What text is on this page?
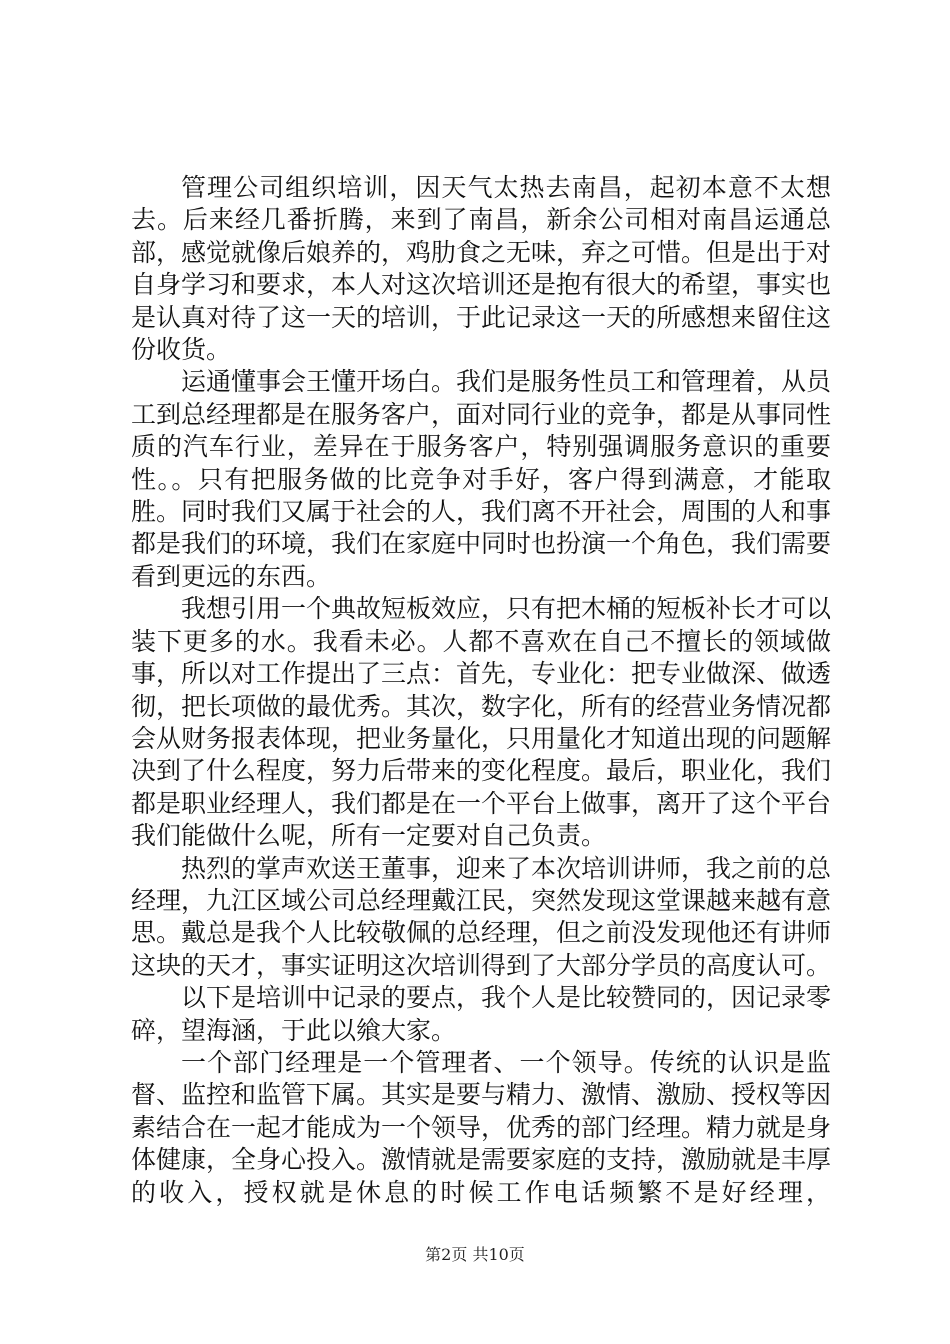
管理公司组织培训，因天气太热去南昌，起初本意不太想去。后来经几番折腾，来到了南昌，新余公司相对南昌运通总部，感觉就像后娘养的，鸡肋食之无味，弃之可惜。但是出于对自身学习和要求，本人对这次培训还是抱有很大的希望，事实也是认真对待了这一天的培训，于此记录这一天的所感想来留住这份收货。

运通懂事会王懂开场白。我们是服务性员工和管理着，从员工到总经理都是在服务客户，面对同行业的竞争，都是从事同性质的汽车行业，差异在于服务客户，特别强调服务意识的重要性。。只有把服务做的比竞争对手好，客户得到满意，才能取胜。同时我们又属于社会的人，我们离不开社会，周围的人和事都是我们的环境，我们在家庭中同时也扮演一个角色，我们需要看到更远的东西。

我想引用一个典故短板效应，只有把木桶的短板补长才可以装下更多的水。我看未必。人都不喜欢在自己不擅长的领域做事，所以对工作提出了三点：首先，专业化：把专业做深、做透彻，把长项做的最优秀。其次，数字化，所有的经营业务情况都会从财务报表体现，把业务量化，只用量化才知道出现的问题解决到了什么程度，努力后带来的变化程度。最后，职业化，我们都是职业经理人，我们都是在一个平台上做事，离开了这个平台我们能做什么呢，所有一定要对自己负责。

热烈的掌声欢送王董事，迎来了本次培训讲师，我之前的总经理，九江区域公司总经理戴江民，突然发现这堂课越来越有意思。戴总是我个人比较敬佩的总经理，但之前没发现他还有讲师这块的天才，事实证明这次培训得到了大部分学员的高度认可。

以下是培训中记录的要点，我个人是比较赞同的，因记录零碎，望海涵，于此以飨大家。

一个部门经理是一个管理者、一个领导。传统的认识是监督、监控和监管下属。其实是要与精力、激情、激励、授权等因素结合在一起才能成为一个领导，优秀的部门经理。精力就是身体健康，全身心投入。激情就是需要家庭的支持，激励就是丰厚的收入，授权就是休息的时候工作电话频繁不是好经理，

第2页 共10页
